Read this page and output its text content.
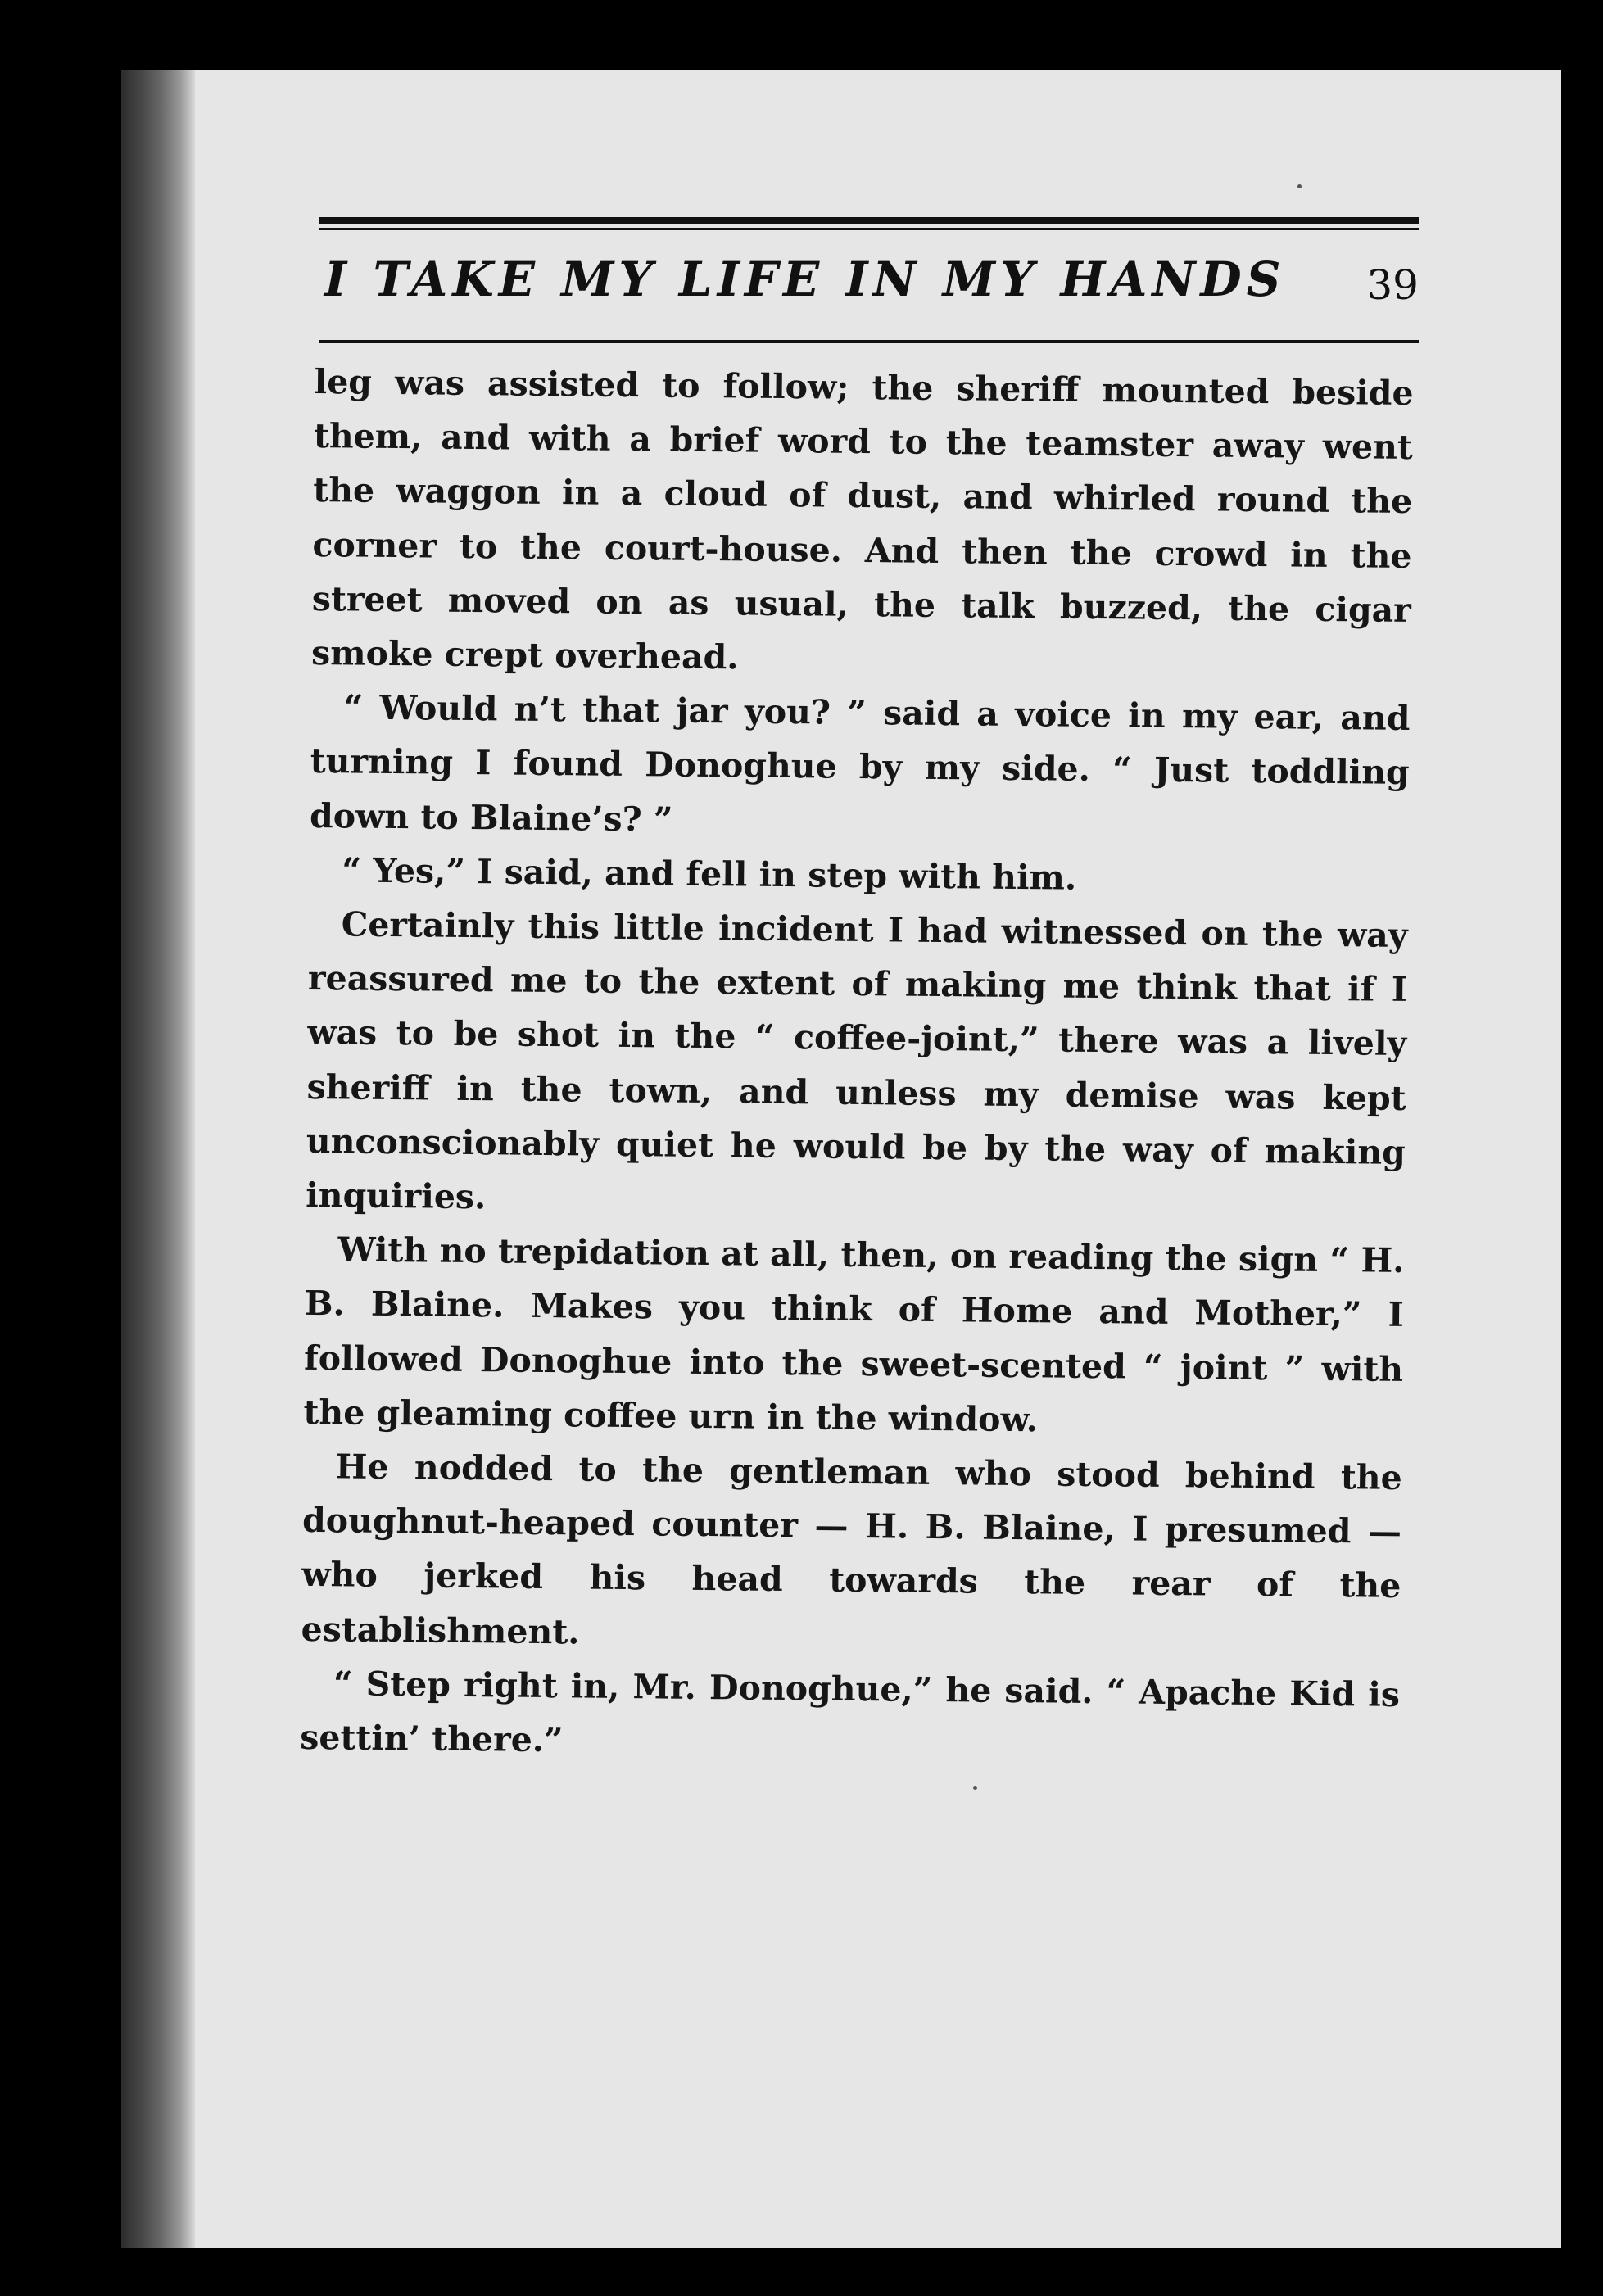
I TAKE MY LIFE IN MY HANDS 39

leg was assisted to follow; the sheriff mounted beside them, and with a brief word to the teamster away went the waggon in a cloud of dust, and whirled round the corner to the court-house. And then the crowd in the street moved on as usual, the talk buzzed, the cigar smoke crept overhead.

“ Would n’t that jar you? ” said a voice in my ear, and turning I found Donoghue by my side. “ Just toddling down to Blaine’s? ”

“ Yes,” I said, and fell in step with him.

Certainly this little incident I had witnessed on the way reassured me to the extent of making me think that if I was to be shot in the “ coffee-joint,” there was a lively sheriff in the town, and unless my demise was kept unconscionably quiet he would be by the way of making inquiries.

With no trepidation at all, then, on reading the sign “ H. B. Blaine. Makes you think of Home and Mother,” I followed Donoghue into the sweet-scented “ joint ” with the gleaming coffee urn in the window.

He nodded to the gentleman who stood behind the doughnut-heaped counter — H. B. Blaine, I presumed — who jerked his head towards the rear of the establishment.

“ Step right in, Mr. Donoghue,” he said. “ Apache Kid is settin’ there.”
